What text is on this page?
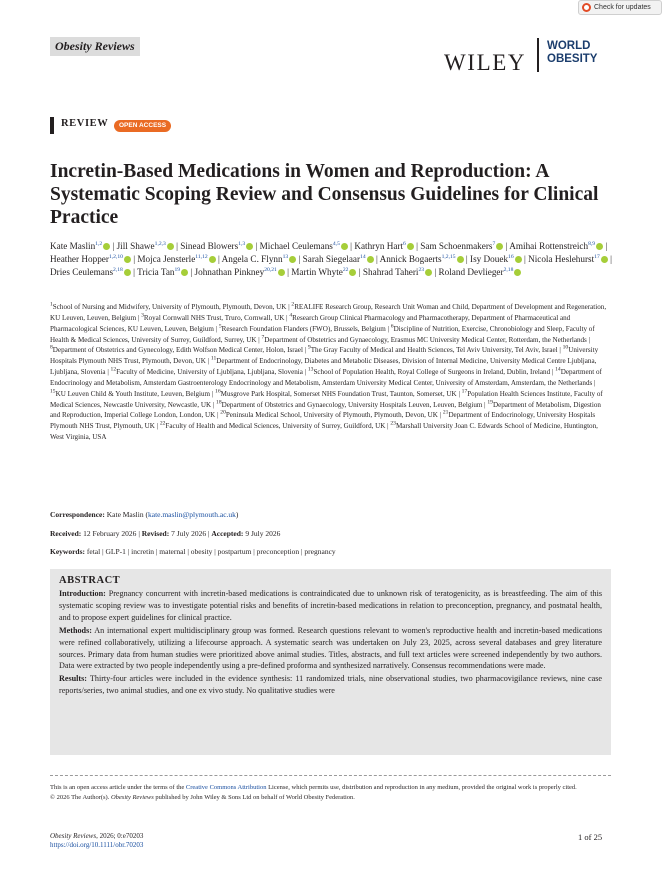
Check for updates
Obesity Reviews
WILEY
WORLD
OBESITY
REVIEW	OPEN ACCESS
Incretin-Based Medications in Women and Reproduction: A Systematic Scoping Review and Consensus Guidelines for Clinical Practice
Kate Maslin$^{1,2}$ | Jill Shawe$^{1,2,3}$ | Sinead Blowers$^{1,3}$ | Michael Ceulemans$^{4,5}$ | Kathryn Hart$^6$ | Sam Schoenmakers$^7$ | Amihai Rottenstreich$^{8,9}$ | Heather Hopper$^{1,2,10}$ | Mojca Jensterle$^{11,12}$ | Angela C. Flynn$^{13}$ | Sarah Siegelaar$^{14}$ | Annick Bogaerts$^{1,2,15}$ | Isy Douek$^{16}$ | Nicola Heslehurst$^{17}$ | Dries Ceulemans$^{2,18}$ | Tricia Tan$^{19}$ | Johnathan Pinkney$^{20,21}$ | Martin Whyte$^{22}$ | Shahrad Taheri$^{23}$ | Roland Devlieger$^{2,18}$
$^1$School of Nursing and Midwifery, University of Plymouth, Plymouth, Devon, UK | $^2$REALIFE Research Group, Research Unit Woman and Child, Department of Development and Regeneration, KU Leuven, Leuven, Belgium | $^3$Royal Cornwall NHS Trust, Truro, Cornwall, UK | $^4$Research Group Clinical Pharmacology and Pharmacotherapy, Department of Pharmaceutical and Pharmacological Sciences, KU Leuven, Leuven, Belgium | $^5$Research Foundation Flanders (FWO), Brussels, Belgium | $^6$Discipline of Nutrition, Exercise, Chronobiology and Sleep, Faculty of Health & Medical Sciences, University of Surrey, Guildford, Surrey, UK | $^7$Department of Obstetrics and Gynaecology, Erasmus MC University Medical Center, Rotterdam, the Netherlands | $^8$Department of Obstetrics and Gynecology, Edith Wolfson Medical Center, Holon, Israel | $^9$The Gray Faculty of Medical and Health Sciences, Tel Aviv University, Tel Aviv, Israel | $^{10}$University Hospitals Plymouth NHS Trust, Plymouth, Devon, UK | $^{11}$Department of Endocrinology, Diabetes and Metabolic Diseases, Division of Internal Medicine, University Medical Centre Ljubljana, Ljubljana, Slovenia | $^{12}$Faculty of Medicine, University of Ljubljana, Ljubljana, Slovenia | $^{13}$School of Population Health, Royal College of Surgeons in Ireland, Dublin, Ireland | $^{14}$Department of Endocrinology and Metabolism, Amsterdam Gastroenterology Endocrinology and Metabolism, Amsterdam University Medical Center, University of Amsterdam, Amsterdam, the Netherlands | $^{15}$KU Leuven Child & Youth Institute, Leuven, Belgium | $^{16}$Musgrove Park Hospital, Somerset NHS Foundation Trust, Taunton, Somerset, UK | $^{17}$Population Health Sciences Institute, Faculty of Medical Sciences, Newcastle University, Newcastle, UK | $^{18}$Department of Obstetrics and Gynaecology, University Hospitals Leuven, Leuven, Belgium | $^{19}$Department of Metabolism, Digestion and Reproduction, Imperial College London, London, UK | $^{20}$Peninsula Medical School, University of Plymouth, Plymouth, Devon, UK | $^{21}$Department of Endocrinology, University Hospitals Plymouth NHS Trust, Plymouth, UK | $^{22}$Faculty of Health and Medical Sciences, University of Surrey, Guildford, UK | $^{23}$Marshall University Joan C. Edwards School of Medicine, Huntington, West Virginia, USA
Correspondence: Kate Maslin (kate.maslin@plymouth.ac.uk)
Received: 12 February 2026 | Revised: 7 July 2026 | Accepted: 9 July 2026
Keywords: fetal | GLP-1 | incretin | maternal | obesity | postpartum | preconception | pregnancy
ABSTRACT

Introduction: Pregnancy concurrent with incretin-based medications is contraindicated due to unknown risk of teratogenicity, as is breastfeeding. The aim of this systematic scoping review was to investigate potential risks and benefits of incretin-based medications in relation to preconception, pregnancy, and postnatal health, and to propose expert guidelines for clinical practice.

Methods: An international expert multidisciplinary group was formed. Research questions relevant to women's reproductive health and incretin-based medications were refined collaboratively, utilizing a lifecourse approach. A systematic search was undertaken on July 23, 2025, across several databases and grey literature sources. Primary data from human studies were prioritized above animal studies. Titles, abstracts, and full text articles were screened independently by two authors. Data were extracted by two people independently using a pre-defined proforma and synthesized narratively. Consensus recommendations were made.

Results: Thirty-four articles were included in the evidence synthesis: 11 randomized trials, nine observational studies, two pharmacovigilance reviews, nine case reports/series, two animal studies, and one ex vivo study. No qualitative studies were

This is an open access article under the terms of the Creative Commons Attribution License, which permits use, distribution and reproduction in any medium, provided the original work is properly cited.
© 2026 The Author(s). Obesity Reviews published by John Wiley & Sons Ltd on behalf of World Obesity Federation.
Obesity Reviews, 2026; 0:e70203
https://doi.org/10.1111/obr.70203
1 of 25
